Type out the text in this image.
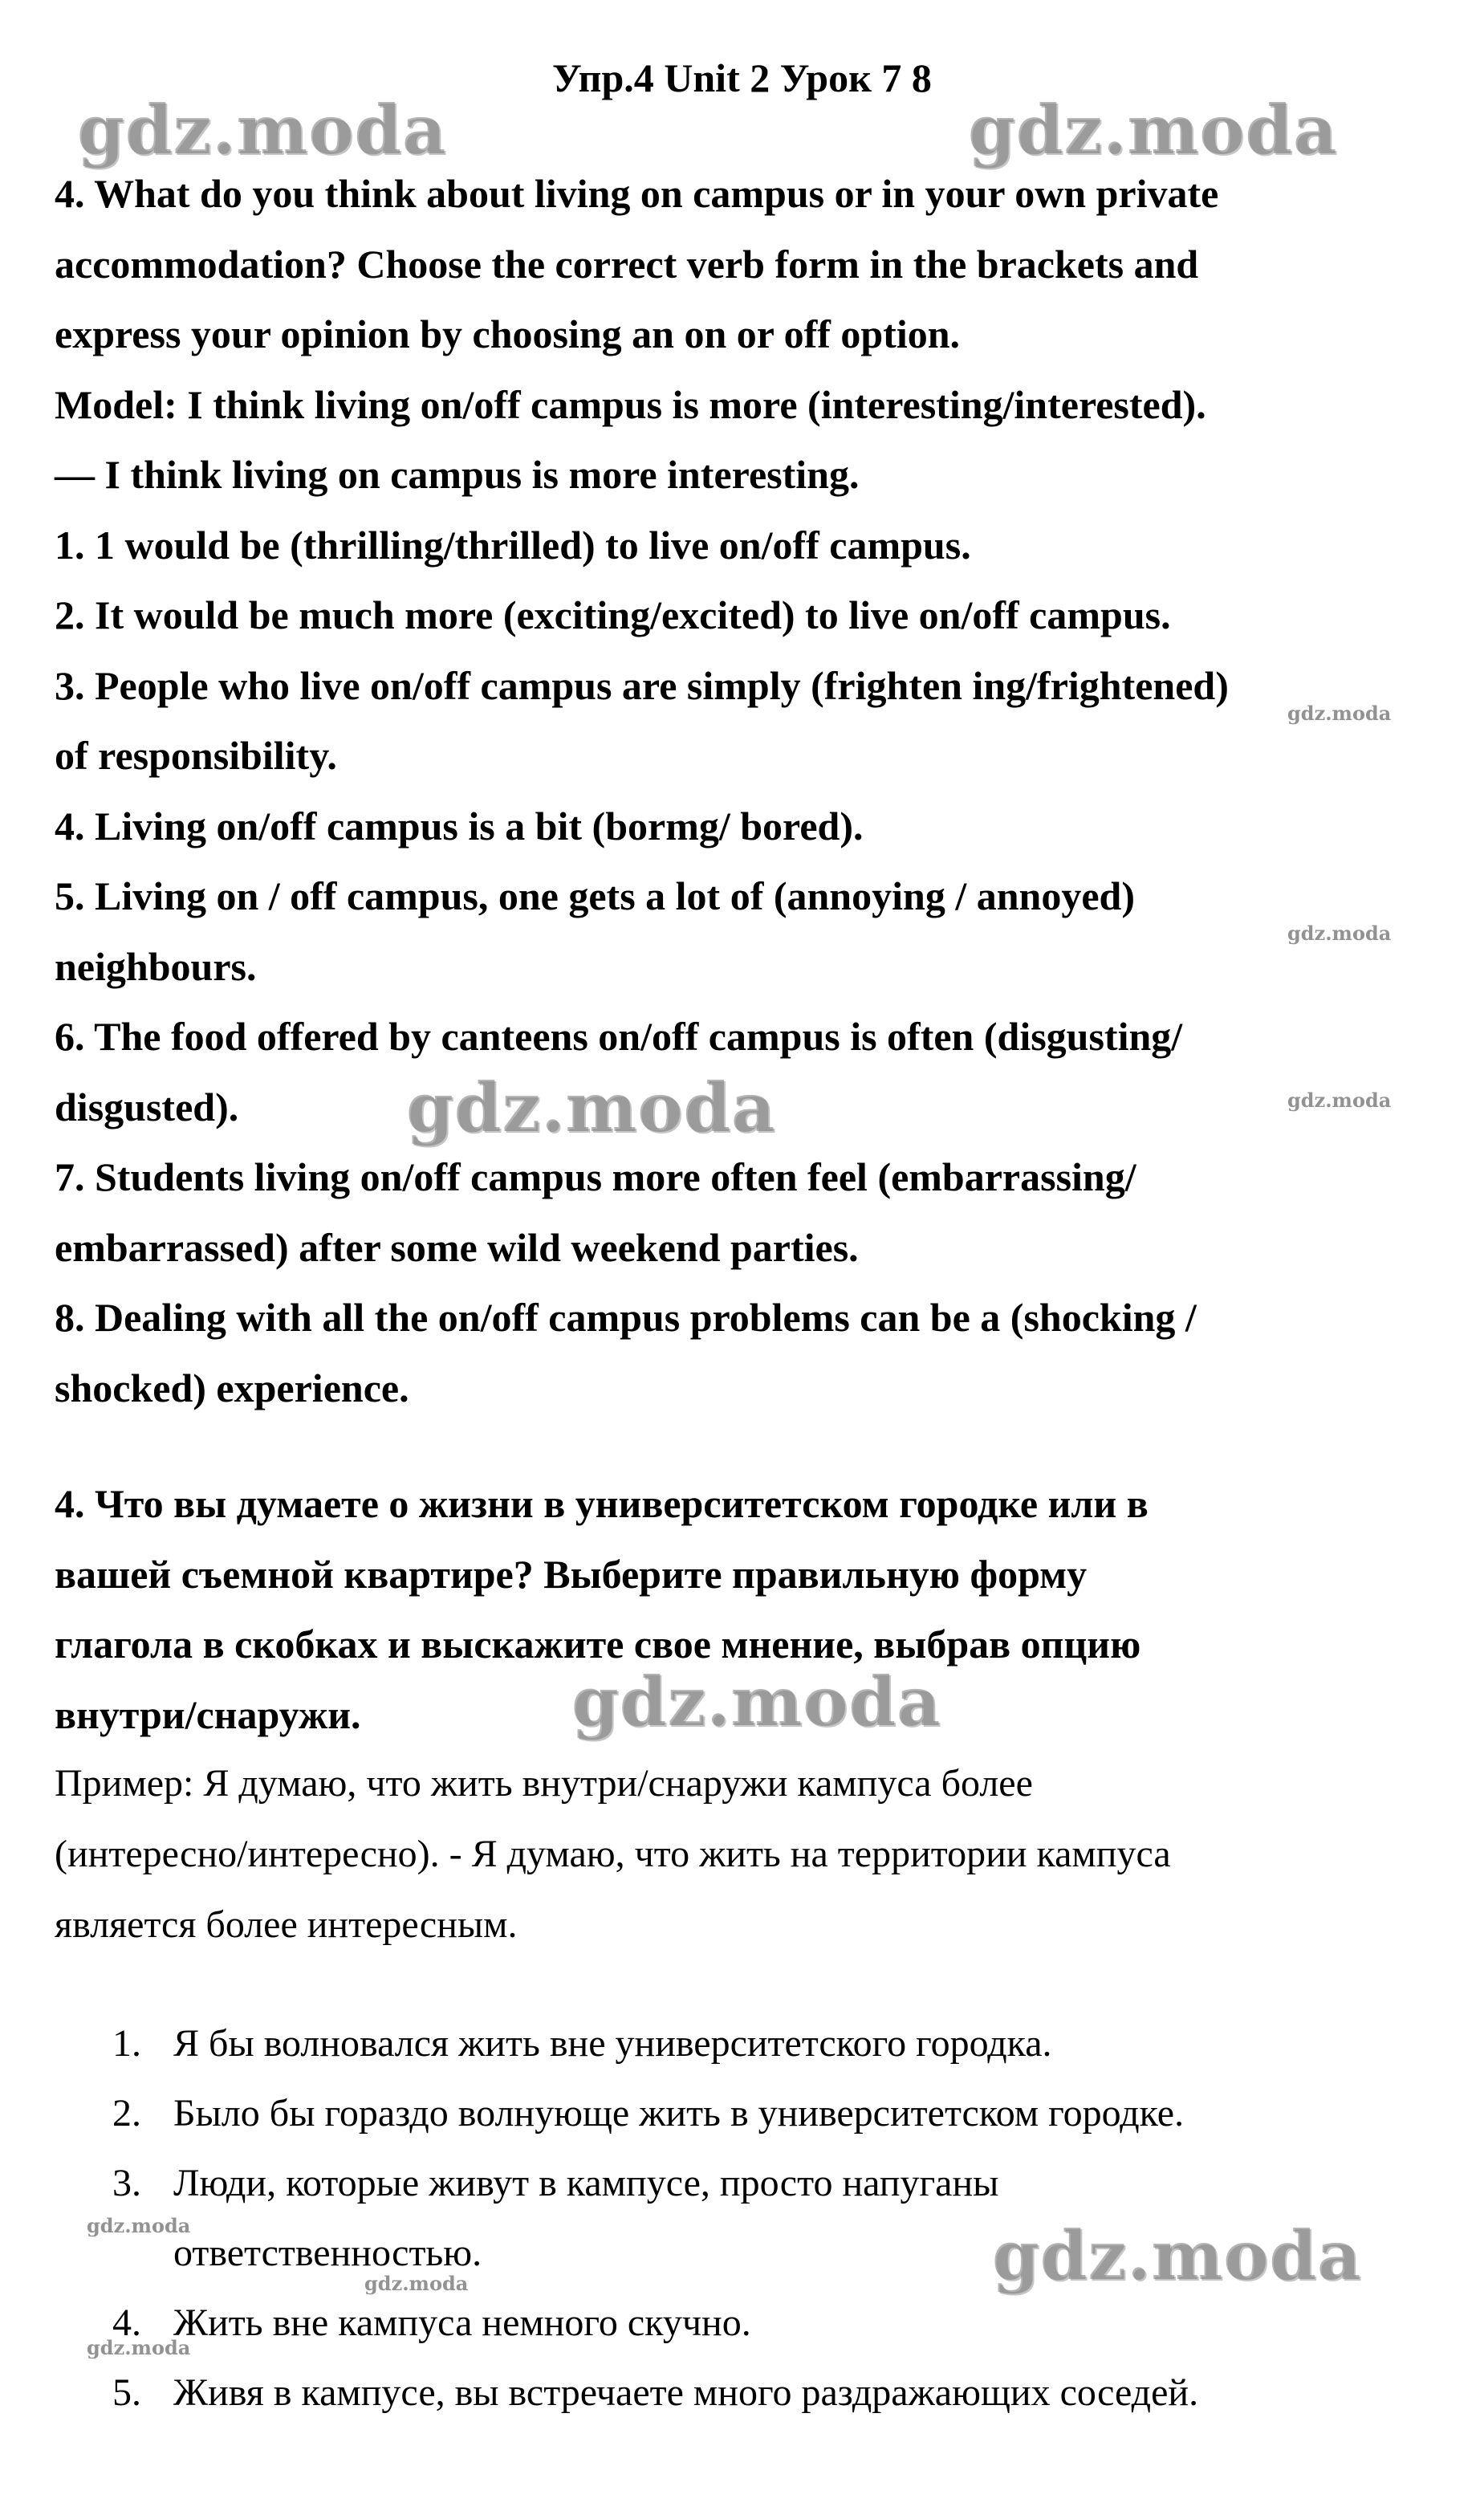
Упр.4 Unit 2 Урок 7 8
4. What do you think about living on campus or in your own private
accommodation? Choose the correct verb form in the brackets and
express your opinion by choosing an on or off option.
Model: I think living on/off campus is more (interesting/interested).
— I think living on campus is more interesting.
1. 1 would be (thrilling/thrilled) to live on/off campus.
2. It would be much more (exciting/excited) to live on/off campus.
3. People who live on/off campus are simply (frighten ing/frightened)
of responsibility.
4. Living on/off campus is a bit (bormg/ bored).
5. Living on / off campus, one gets a lot of (annoying / annoyed)
neighbours.
6. The food offered by canteens on/off campus is often (disgusting/
disgusted).
7. Students living on/off campus more often feel (embarrassing/
embarrassed) after some wild weekend parties.
8. Dealing with all the on/off campus problems can be a (shocking /
shocked) experience.
4. Что вы думаете о жизни в университетском городке или в
вашей съемной квартире? Выберите правильную форму
глагола в скобках и выскажите свое мнение, выбрав опцию
внутри/снаружи.
Пример: Я думаю, что жить внутри/снаружи кампуса более
(интересно/интересно). - Я думаю, что жить на территории кампуса
является более интересным.
1. Я бы волновался жить вне университетского городка.
2. Было бы гораздо волнующе жить в университетском городке.
3. Люди, которые живут в кампусе, просто напуганы
ответственностью.
4. Жить вне кампуса немного скучно.
5. Живя в кампусе, вы встречаете много раздражающих соседей.
gdz.moda	gdz.moda
gdz.moda
gdz.moda
gdz.moda
gdz.moda
gdz.moda
gdz.moda
gdz.moda
gdz.moda
gdz.moda
